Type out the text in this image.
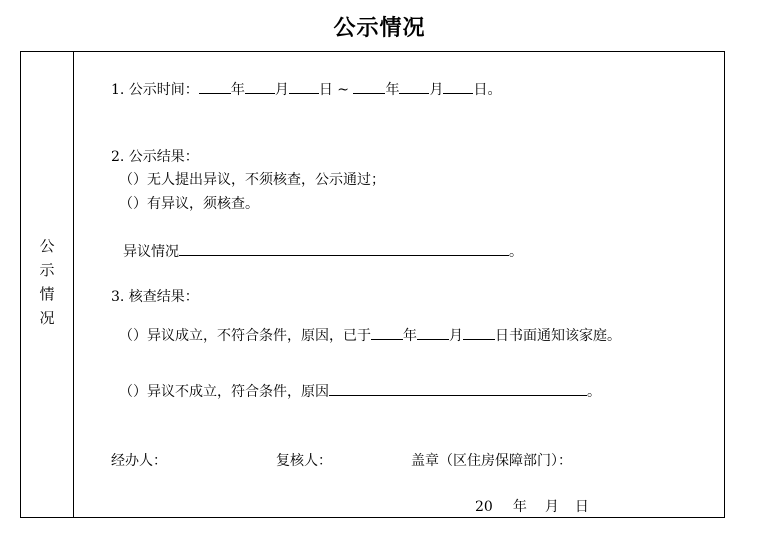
公示情况
公
示
情
况
1. 公示时间： 年 月 日 ~ 年 月 日。
2. 公示结果：
（）无人提出异议，不须核查，公示通过；
（）有异议，须核查。
异议情况	。
3. 核查结果：
（）异议成立，不符合条件，原因，已于 年 月 日书面通知该家庭。
（）异议不成立，符合条件，原因	。
经办人：	复核人：	盖章（区住房保障部门）：
20 年 月 日
